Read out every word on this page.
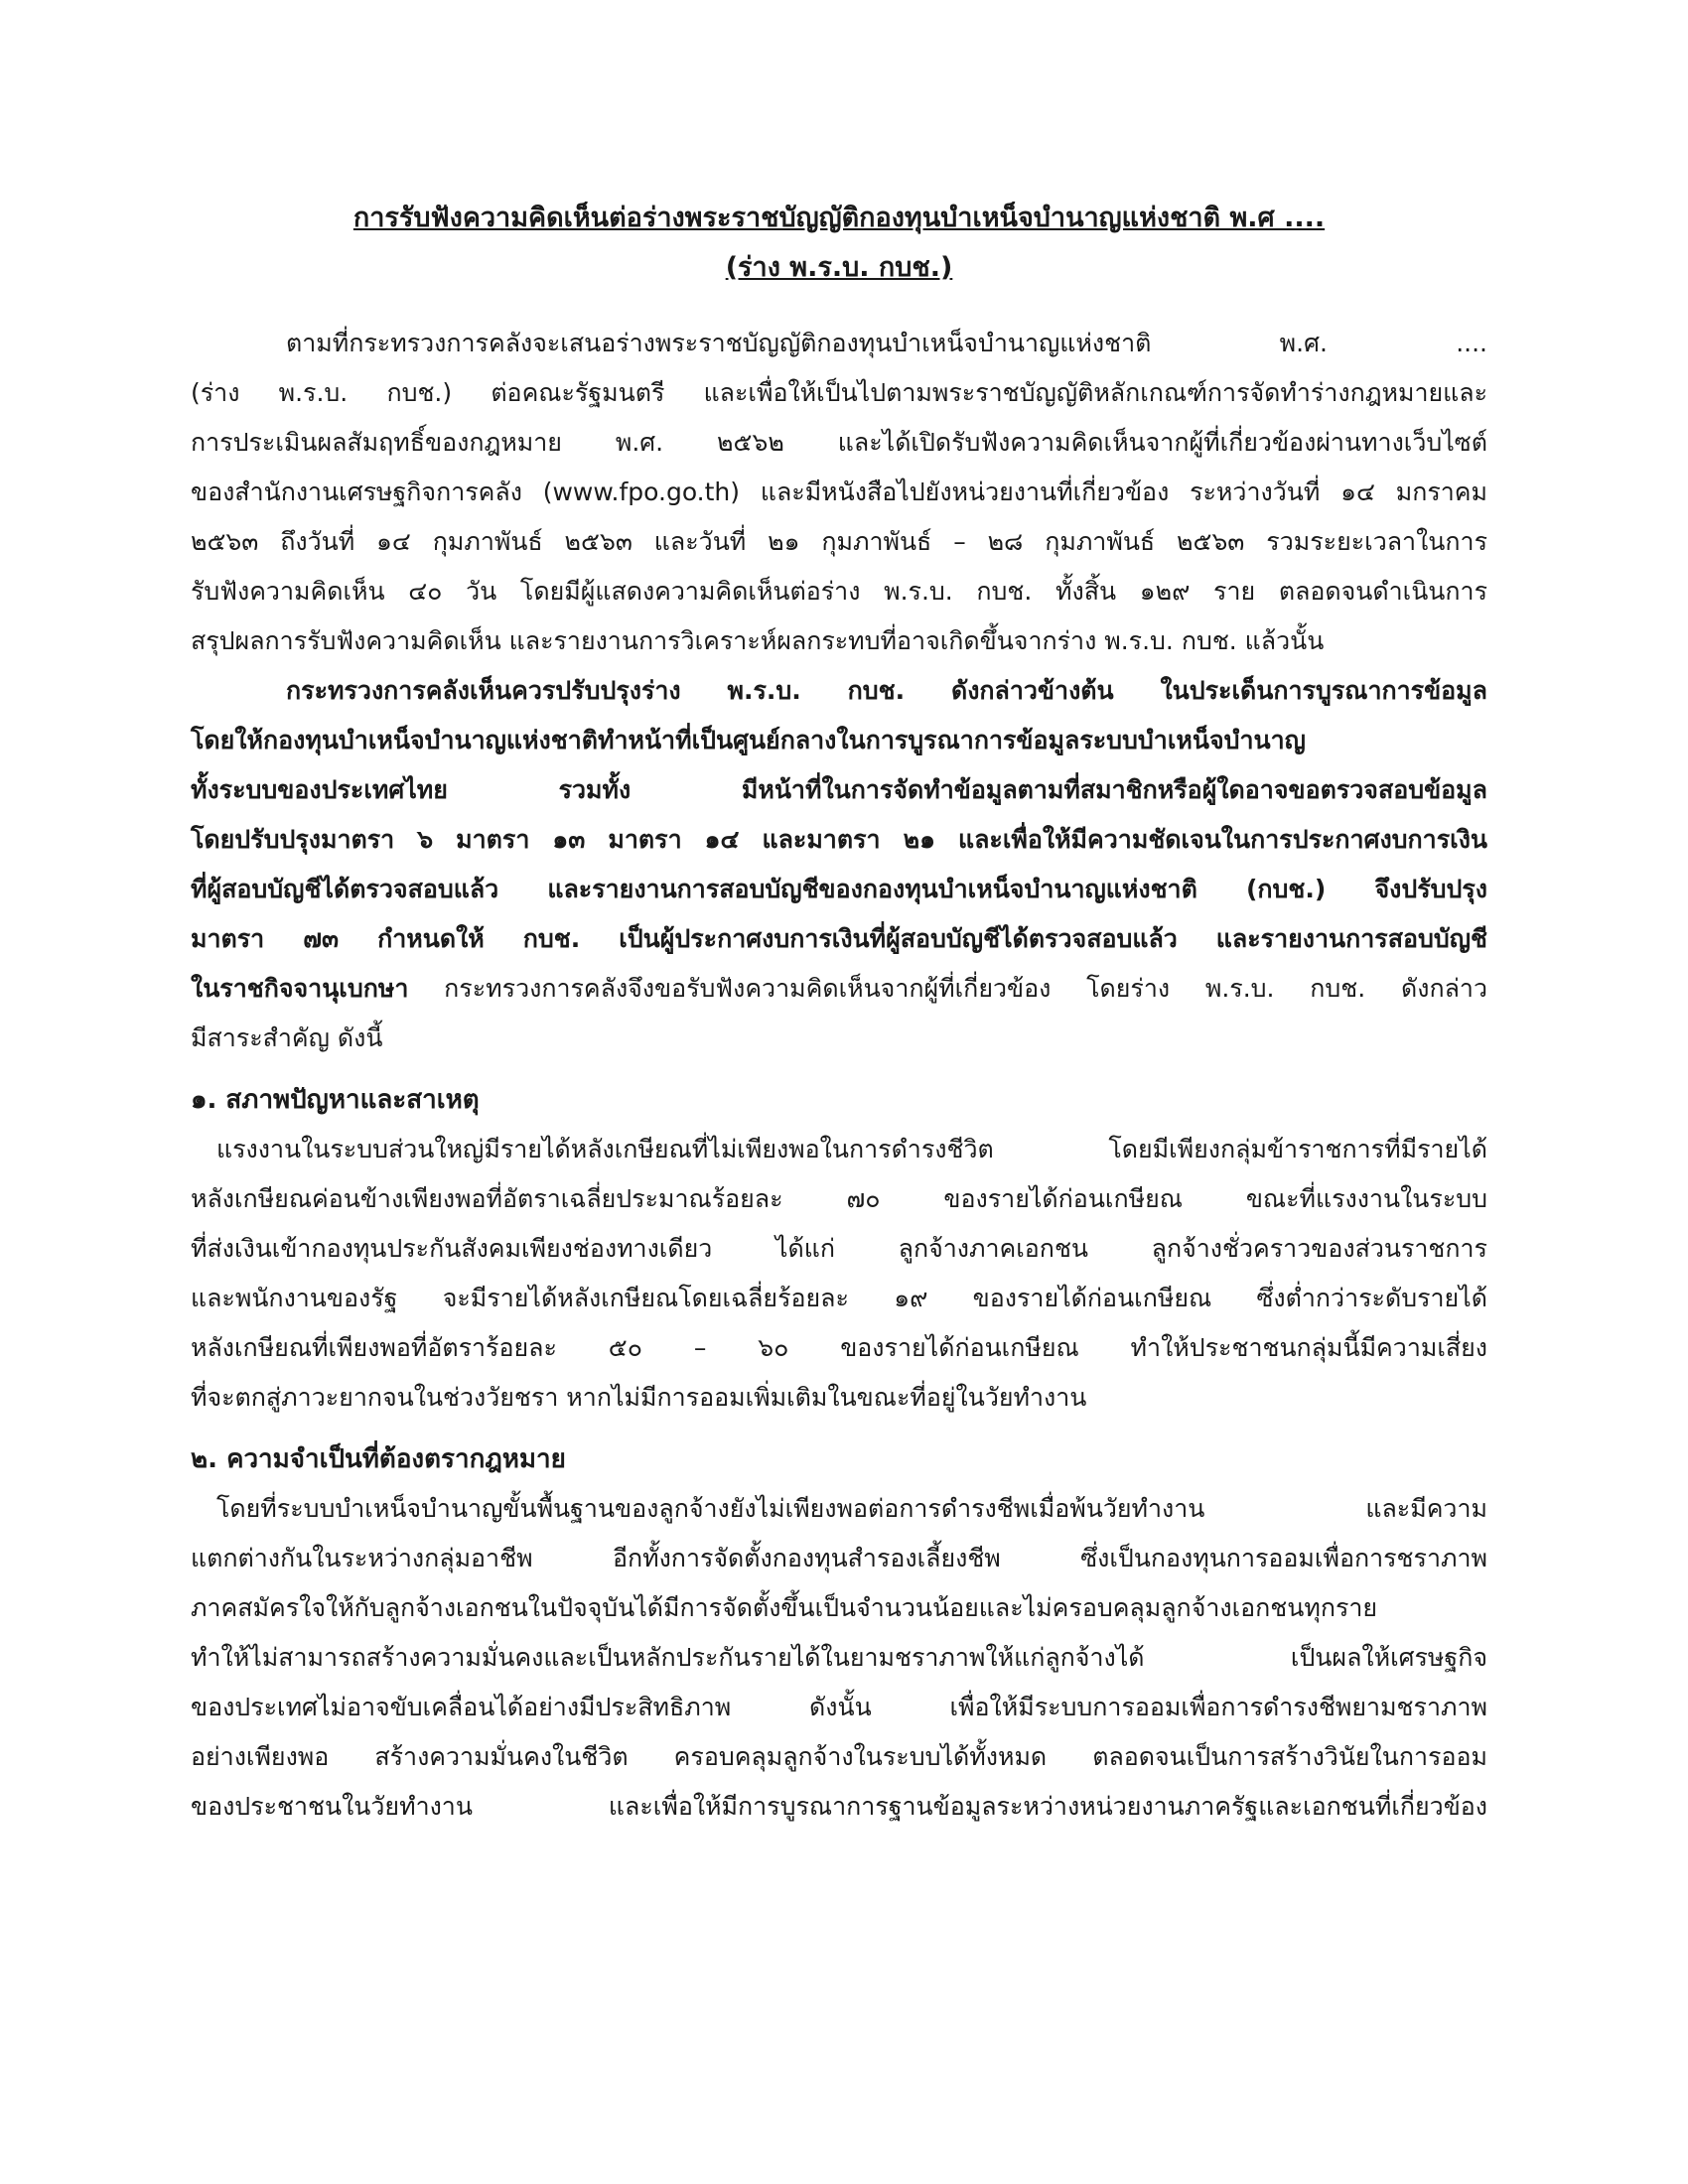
การรับฟังความคิดเห็นต่อร่างพระราชบัญญัติกองทุนบำเหน็จบำนาญแห่งชาติ พ.ศ ....

(ร่าง พ.ร.บ. กบช.)

ตามที่กระทรวงการคลังจะเสนอร่างพระราชบัญญัติกองทุนบำเหน็จบำนาญแห่งชาติ พ.ศ. ....
(ร่าง พ.ร.บ. กบช.) ต่อคณะรัฐมนตรี และเพื่อให้เป็นไปตามพระราชบัญญัติหลักเกณฑ์การจัดทำร่างกฎหมายและ
การประเมินผลสัมฤทธิ์ของกฎหมาย พ.ศ. ๒๕๖๒ และได้เปิดรับฟังความคิดเห็นจากผู้ที่เกี่ยวข้องผ่านทางเว็บไซต์
ของสำนักงานเศรษฐกิจการคลัง (www.fpo.go.th) และมีหนังสือไปยังหน่วยงานที่เกี่ยวข้อง ระหว่างวันที่ ๑๔ มกราคม
๒๕๖๓ ถึงวันที่ ๑๔ กุมภาพันธ์ ๒๕๖๓ และวันที่ ๒๑ กุมภาพันธ์ – ๒๘ กุมภาพันธ์ ๒๕๖๓ รวมระยะเวลาในการ
รับฟังความคิดเห็น ๔๐ วัน โดยมีผู้แสดงความคิดเห็นต่อร่าง พ.ร.บ. กบช. ทั้งสิ้น ๑๒๙ ราย ตลอดจนดำเนินการ
สรุปผลการรับฟังความคิดเห็น และรายงานการวิเคราะห์ผลกระทบที่อาจเกิดขึ้นจากร่าง พ.ร.บ. กบช. แล้วนั้น
กระทรวงการคลังเห็นควรปรับปรุงร่าง พ.ร.บ. กบช. ดังกล่าวข้างต้น ในประเด็นการบูรณาการข้อมูล
โดยให้กองทุนบำเหน็จบำนาญแห่งชาติทำหน้าที่เป็นศูนย์กลางในการบูรณาการข้อมูลระบบบำเหน็จบำนาญ
ทั้งระบบของประเทศไทย รวมทั้ง มีหน้าที่ในการจัดทำข้อมูลตามที่สมาชิกหรือผู้ใดอาจขอตรวจสอบข้อมูล
โดยปรับปรุงมาตรา ๖ มาตรา ๑๓ มาตรา ๑๔ และมาตรา ๒๑ และเพื่อให้มีความชัดเจนในการประกาศงบการเงิน
ที่ผู้สอบบัญชีได้ตรวจสอบแล้ว และรายงานการสอบบัญชีของกองทุนบำเหน็จบำนาญแห่งชาติ (กบช.) จึงปรับปรุง
มาตรา ๗๓ กำหนดให้ กบช. เป็นผู้ประกาศงบการเงินที่ผู้สอบบัญชีได้ตรวจสอบแล้ว และรายงานการสอบบัญชี
ในราชกิจจานุเบกษา กระทรวงการคลังจึงขอรับฟังความคิดเห็นจากผู้ที่เกี่ยวข้อง โดยร่าง พ.ร.บ. กบช. ดังกล่าว
มีสาระสำคัญ ดังนี้

๑. สภาพปัญหาและสาเหตุ

แรงงานในระบบส่วนใหญ่มีรายได้หลังเกษียณที่ไม่เพียงพอในการดำรงชีวิต โดยมีเพียงกลุ่มข้าราชการที่มีรายได้
หลังเกษียณค่อนข้างเพียงพอที่อัตราเฉลี่ยประมาณร้อยละ ๗๐ ของรายได้ก่อนเกษียณ ขณะที่แรงงานในระบบ
ที่ส่งเงินเข้ากองทุนประกันสังคมเพียงช่องทางเดียว ได้แก่ ลูกจ้างภาคเอกชน ลูกจ้างชั่วคราวของส่วนราชการ
และพนักงานของรัฐ จะมีรายได้หลังเกษียณโดยเฉลี่ยร้อยละ ๑๙ ของรายได้ก่อนเกษียณ ซึ่งต่ำกว่าระดับรายได้
หลังเกษียณที่เพียงพอที่อัตราร้อยละ ๕๐ – ๖๐ ของรายได้ก่อนเกษียณ ทำให้ประชาชนกลุ่มนี้มีความเสี่ยง
ที่จะตกสู่ภาวะยากจนในช่วงวัยชรา หากไม่มีการออมเพิ่มเติมในขณะที่อยู่ในวัยทำงาน

๒. ความจำเป็นที่ต้องตรากฎหมาย

โดยที่ระบบบำเหน็จบำนาญขั้นพื้นฐานของลูกจ้างยังไม่เพียงพอต่อการดำรงชีพเมื่อพ้นวัยทำงาน และมีความ
แตกต่างกันในระหว่างกลุ่มอาชีพ อีกทั้งการจัดตั้งกองทุนสำรองเลี้ยงชีพ ซึ่งเป็นกองทุนการออมเพื่อการชราภาพ
ภาคสมัครใจให้กับลูกจ้างเอกชนในปัจจุบันได้มีการจัดตั้งขึ้นเป็นจำนวนน้อยและไม่ครอบคลุมลูกจ้างเอกชนทุกราย
ทำให้ไม่สามารถสร้างความมั่นคงและเป็นหลักประกันรายได้ในยามชราภาพให้แก่ลูกจ้างได้ เป็นผลให้เศรษฐกิจ
ของประเทศไม่อาจขับเคลื่อนได้อย่างมีประสิทธิภาพ ดังนั้น เพื่อให้มีระบบการออมเพื่อการดำรงชีพยามชราภาพ
อย่างเพียงพอ สร้างความมั่นคงในชีวิต ครอบคลุมลูกจ้างในระบบได้ทั้งหมด ตลอดจนเป็นการสร้างวินัยในการออม
ของประชาชนในวัยทำงาน และเพื่อให้มีการบูรณาการฐานข้อมูลระหว่างหน่วยงานภาครัฐและเอกชนที่เกี่ยวข้อง
